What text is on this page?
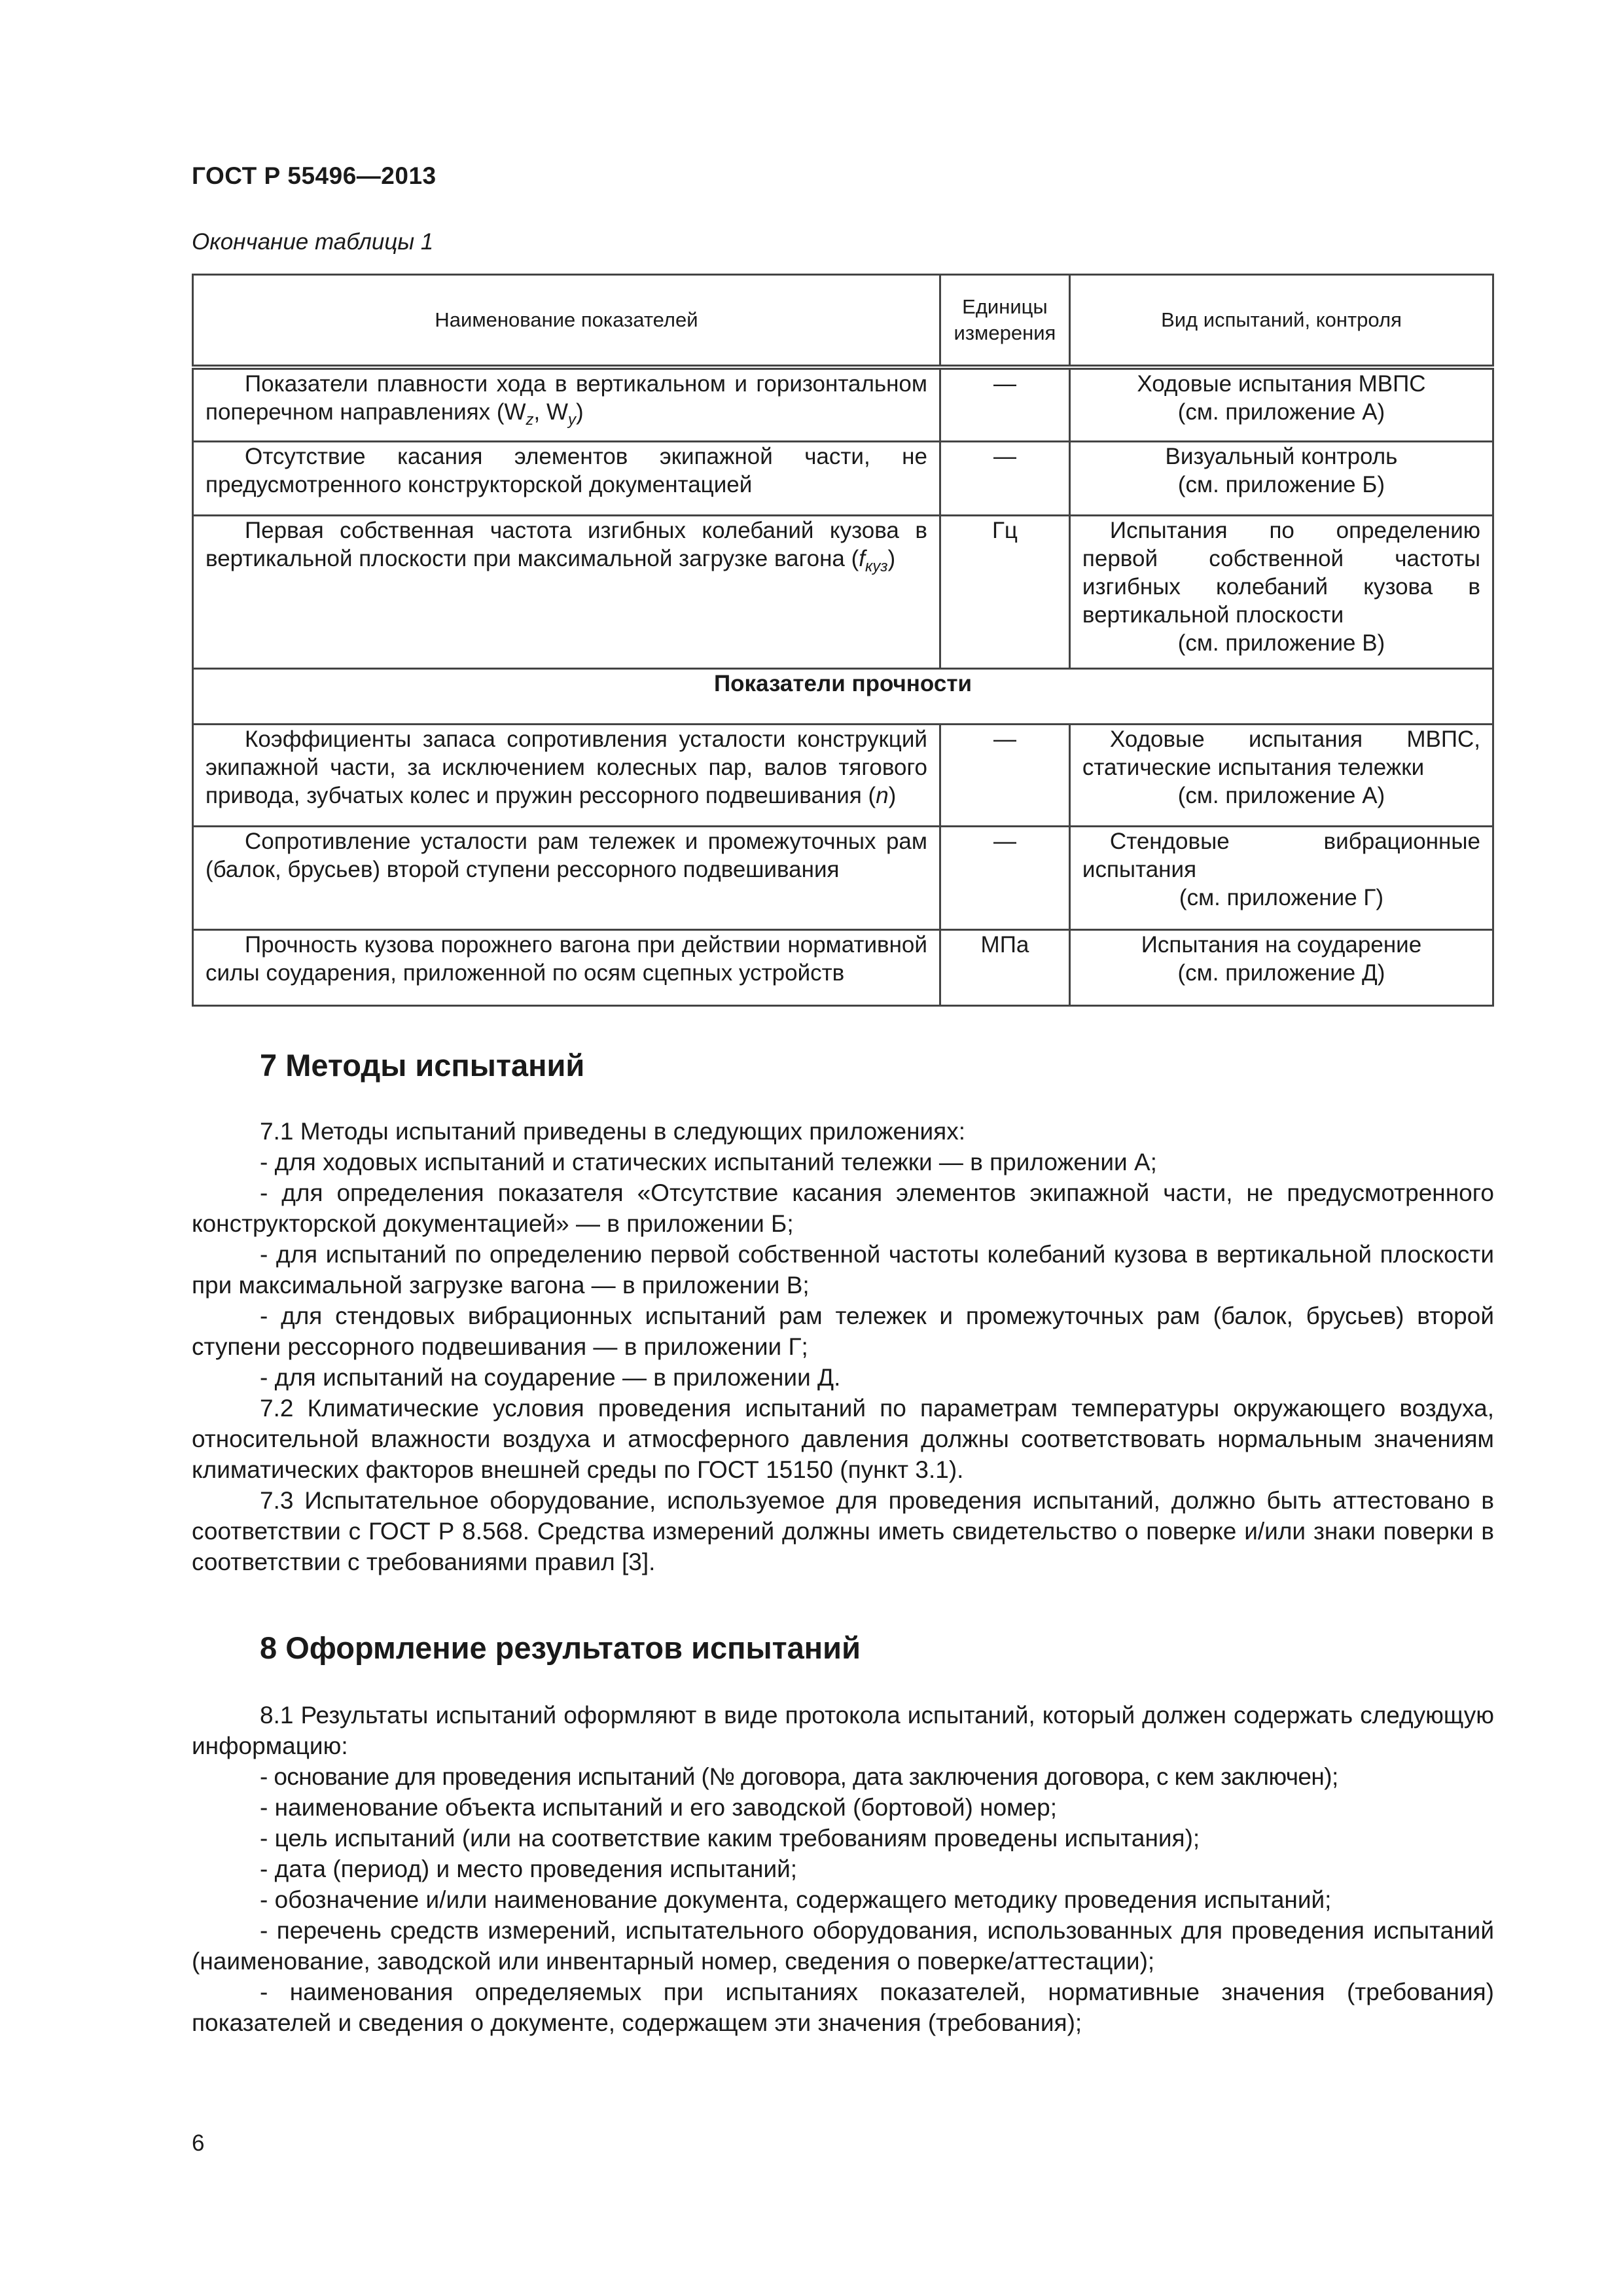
ГОСТ Р 55496—2013
Окончание таблицы 1
Наименование показателей	Единицы измерения	Вид испытаний, контроля
Показатели плавности хода в вертикальном и горизонтальном поперечном направлениях ($W_z$, $W_y$)	—	Ходовые испытания МВПС
(см. приложение А)

Отсутствие касания элементов экипажной части, не предусмотренного конструкторской документацией	—	Визуальный контроль
(см. приложение Б)

Первая собственная частота изгибных колебаний кузова в вертикальной плоскости при максимальной загрузке вагона $(f_{куз})$	Гц	Испытания по определению первой собственной частоты изгибных колебаний кузова в вертикальной плоскости
(см. приложение В)

Показатели прочности		
Коэффициенты запаса сопротивления усталости конструкций экипажной части, за исключением колесных пар, валов тягового привода, зубчатых колес и пружин рессорного подвешивания (n)	—	Ходовые испытания МВПС, статические испытания тележки
(см. приложение А)

Сопротивление усталости рам тележек и промежуточных рам (балок, брусьев) второй ступени рессорного подвешивания	—	Стендовые вибрационные испытания
(см. приложение Г)

Прочность кузова порожнего вагона при действии нормативной силы соударения, приложенной по осям сцепных устройств	МПа	Испытания на соударение
(см. приложение Д)
7 Методы испытаний

7.1 Методы испытаний приведены в следующих приложениях:

- для ходовых испытаний и статических испытаний тележки — в приложении А;

- для определения показателя «Отсутствие касания элементов экипажной части, не предусмотренного конструкторской документацией» — в приложении Б;

- для испытаний по определению первой собственной частоты колебаний кузова в вертикальной плоскости при максимальной загрузке вагона — в приложении В;

- для стендовых вибрационных испытаний рам тележек и промежуточных рам (балок, брусьев) второй ступени рессорного подвешивания — в приложении Г;

- для испытаний на соударение — в приложении Д.

7.2 Климатические условия проведения испытаний по параметрам температуры окружающего воздуха, относительной влажности воздуха и атмосферного давления должны соответствовать нормальным значениям климатических факторов внешней среды по ГОСТ 15150 (пункт 3.1).

7.3 Испытательное оборудование, используемое для проведения испытаний, должно быть аттестовано в соответствии с ГОСТ Р 8.568. Средства измерений должны иметь свидетельство о поверке и/или знаки поверки в соответствии с требованиями правил [3].

8 Оформление результатов испытаний

8.1 Результаты испытаний оформляют в виде протокола испытаний, который должен содержать следующую информацию:

- основание для проведения испытаний (№ договора, дата заключения договора, с кем заключен);

- наименование объекта испытаний и его заводской (бортовой) номер;

- цель испытаний (или на соответствие каким требованиям проведены испытания);

- дата (период) и место проведения испытаний;

- обозначение и/или наименование документа, содержащего методику проведения испытаний;

- перечень средств измерений, испытательного оборудования, использованных для проведения испытаний (наименование, заводской или инвентарный номер, сведения о поверке/аттестации);

- наименования определяемых при испытаниях показателей, нормативные значения (требования) показателей и сведения о документе, содержащем эти значения (требования);

6
